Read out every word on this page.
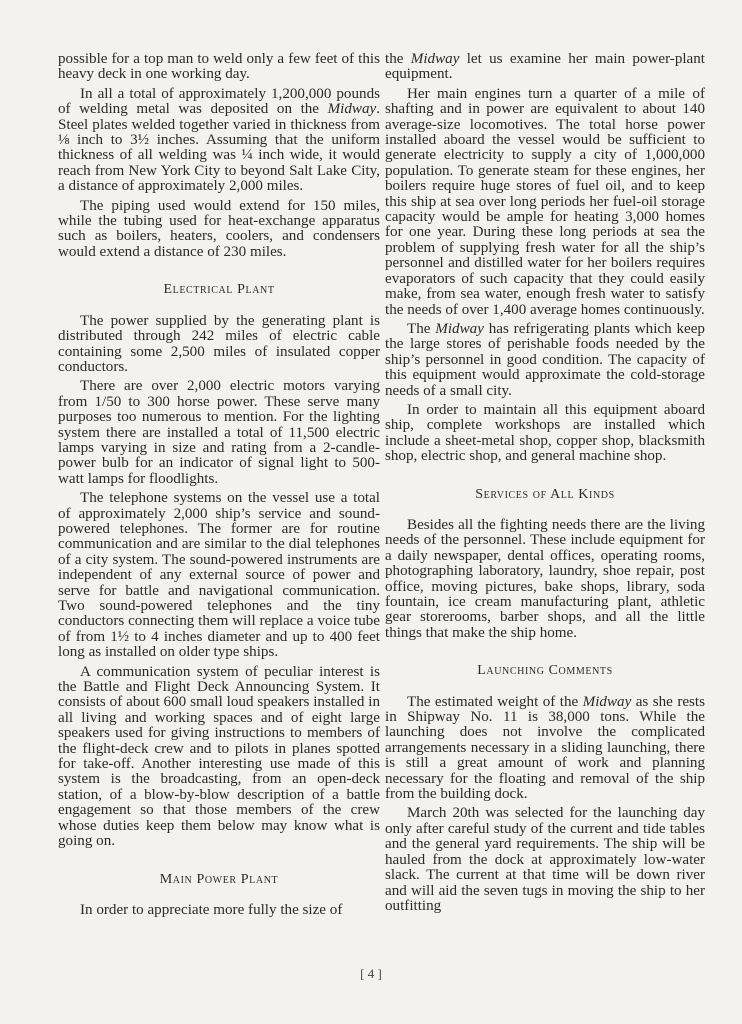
possible for a top man to weld only a few feet of this heavy deck in one working day.

In all a total of approximately 1,200,000 pounds of welding metal was deposited on the Midway. Steel plates welded together varied in thickness from ⅛ inch to 3½ inches. Assuming that the uniform thickness of all welding was ¼ inch wide, it would reach from New York City to beyond Salt Lake City, a distance of approximately 2,000 miles.

The piping used would extend for 150 miles, while the tubing used for heat-exchange apparatus such as boilers, heaters, coolers, and condensers would extend a distance of 230 miles.

Electrical Plant

The power supplied by the generating plant is distributed through 242 miles of electric cable containing some 2,500 miles of insulated copper conductors.

There are over 2,000 electric motors varying from 1/50 to 300 horse power. These serve many purposes too numerous to mention. For the lighting system there are installed a total of 11,500 electric lamps varying in size and rating from a 2-candle-power bulb for an indicator of signal light to 500-watt lamps for floodlights.

The telephone systems on the vessel use a total of approximately 2,000 ship’s service and sound-powered telephones. The former are for routine communication and are similar to the dial telephones of a city system. The sound-powered instruments are independent of any external source of power and serve for battle and navigational communication. Two sound-powered telephones and the tiny conductors connecting them will replace a voice tube of from 1½ to 4 inches diameter and up to 400 feet long as installed on older type ships.

A communication system of peculiar interest is the Battle and Flight Deck Announcing System. It consists of about 600 small loud speakers installed in all living and working spaces and of eight large speakers used for giving instructions to members of the flight-deck crew and to pilots in planes spotted for take-off. Another interesting use made of this system is the broadcasting, from an open-deck station, of a blow-by-blow description of a battle engagement so that those members of the crew whose duties keep them below may know what is going on.

Main Power Plant

In order to appreciate more fully the size of

the Midway let us examine her main power-plant equipment.

Her main engines turn a quarter of a mile of shafting and in power are equivalent to about 140 average-size locomotives. The total horse power installed aboard the vessel would be sufficient to generate electricity to supply a city of 1,000,000 population. To generate steam for these engines, her boilers require huge stores of fuel oil, and to keep this ship at sea over long periods her fuel-oil storage capacity would be ample for heating 3,000 homes for one year. During these long periods at sea the problem of supplying fresh water for all the ship’s personnel and distilled water for her boilers requires evaporators of such capacity that they could easily make, from sea water, enough fresh water to satisfy the needs of over 1,400 average homes continuously.

The Midway has refrigerating plants which keep the large stores of perishable foods needed by the ship’s personnel in good condition. The capacity of this equipment would approximate the cold-storage needs of a small city.

In order to maintain all this equipment aboard ship, complete workshops are installed which include a sheet-metal shop, copper shop, blacksmith shop, electric shop, and general machine shop.

Services of All Kinds

Besides all the fighting needs there are the living needs of the personnel. These include equipment for a daily newspaper, dental offices, operating rooms, photographing laboratory, laundry, shoe repair, post office, moving pictures, bake shops, library, soda fountain, ice cream manufacturing plant, athletic gear storerooms, barber shops, and all the little things that make the ship home.

Launching Comments

The estimated weight of the Midway as she rests in Shipway No. 11 is 38,000 tons. While the launching does not involve the complicated arrangements necessary in a sliding launching, there is still a great amount of work and planning necessary for the floating and removal of the ship from the building dock.

March 20th was selected for the launching day only after careful study of the current and tide tables and the general yard requirements. The ship will be hauled from the dock at approximately low-water slack. The current at that time will be down river and will aid the seven tugs in moving the ship to her outfitting

[ 4 ]
